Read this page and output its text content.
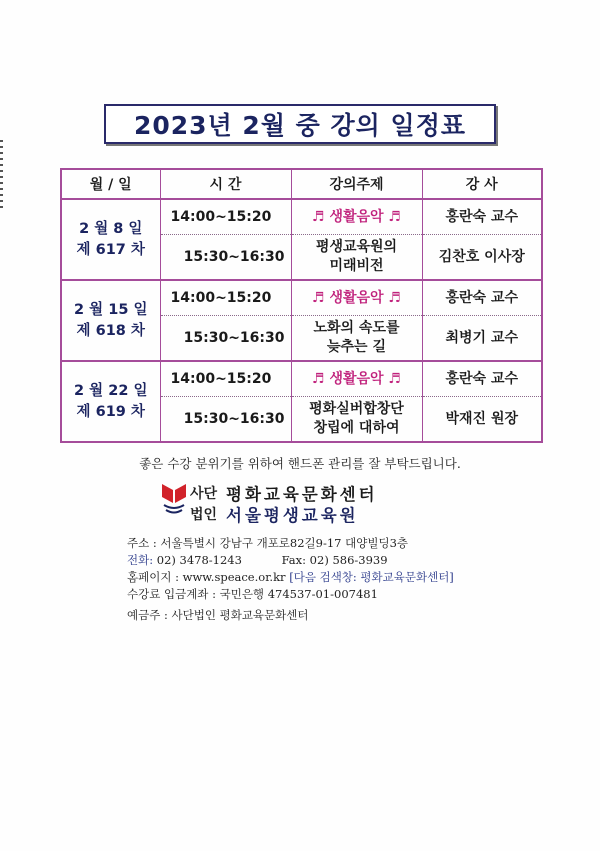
2023년 2월 중 강의 일정표
월 / 일	시 간	강의주제	강 사

2 월 8 일
제 617 차	14:00~15:20	♬ 생활음악 ♬	홍란숙 교수
	15:30~16:30	평생교육원의
미래비전	김찬호 이사장

2 월 15 일
제 618 차	14:00~15:20	♬ 생활음악 ♬	홍란숙 교수
	15:30~16:30	노화의 속도를
늦추는 길	최병기 교수

2 월 22 일
제 619 차	14:00~15:20	♬ 생활음악 ♬	홍란숙 교수
	15:30~16:30	평화실버합창단
창립에 대하여	박재진 원장
좋은 수강 분위기를 위하여 핸드폰 관리를 잘 부탁드립니다.
사단 평화교육문화센터
법인 서울평생교육원
주소 : 서울특별시 강남구 개포로82길9-17 대양빌딩3층
전화: 02) 3478-1243	Fax: 02) 586-3939
홈페이지 : www.speace.or.kr [다음 검색창: 평화교육문화센터]
수강료 입금계좌 : 국민은행 474537-01-007481
예금주 : 사단법인 평화교육문화센터
